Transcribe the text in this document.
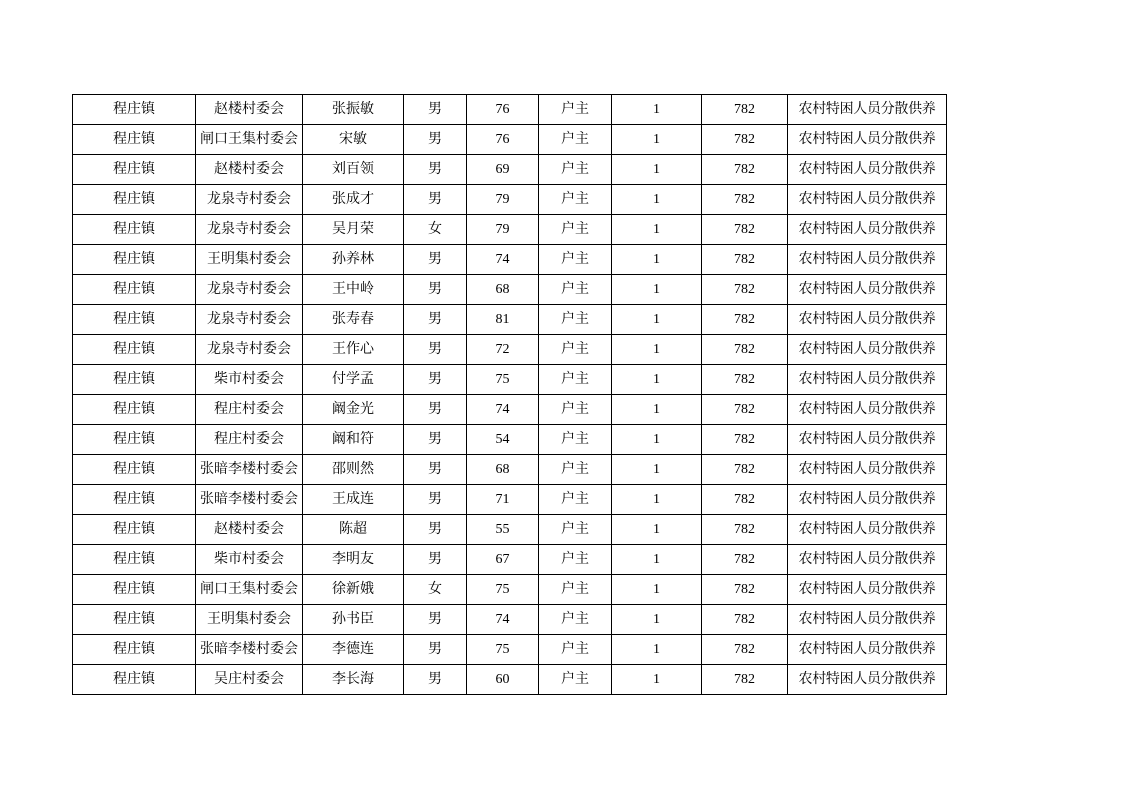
程庄镇	赵楼村委会	张振敏	男	76	户主	1	782	农村特困人员分散供养
程庄镇	闸口王集村委会	宋敏	男	76	户主	1	782	农村特困人员分散供养
程庄镇	赵楼村委会	刘百领	男	69	户主	1	782	农村特困人员分散供养
程庄镇	龙泉寺村委会	张成才	男	79	户主	1	782	农村特困人员分散供养
程庄镇	龙泉寺村委会	吴月荣	女	79	户主	1	782	农村特困人员分散供养
程庄镇	王明集村委会	孙养林	男	74	户主	1	782	农村特困人员分散供养
程庄镇	龙泉寺村委会	王中岭	男	68	户主	1	782	农村特困人员分散供养
程庄镇	龙泉寺村委会	张寿春	男	81	户主	1	782	农村特困人员分散供养
程庄镇	龙泉寺村委会	王作心	男	72	户主	1	782	农村特困人员分散供养
程庄镇	柴市村委会	付学孟	男	75	户主	1	782	农村特困人员分散供养
程庄镇	程庄村委会	阚金光	男	74	户主	1	782	农村特困人员分散供养
程庄镇	程庄村委会	阚和符	男	54	户主	1	782	农村特困人员分散供养
程庄镇	张暗李楼村委会	邵则然	男	68	户主	1	782	农村特困人员分散供养
程庄镇	张暗李楼村委会	王成连	男	71	户主	1	782	农村特困人员分散供养
程庄镇	赵楼村委会	陈超	男	55	户主	1	782	农村特困人员分散供养
程庄镇	柴市村委会	李明友	男	67	户主	1	782	农村特困人员分散供养
程庄镇	闸口王集村委会	徐新娥	女	75	户主	1	782	农村特困人员分散供养
程庄镇	王明集村委会	孙书臣	男	74	户主	1	782	农村特困人员分散供养
程庄镇	张暗李楼村委会	李德连	男	75	户主	1	782	农村特困人员分散供养
程庄镇	吴庄村委会	李长海	男	60	户主	1	782	农村特困人员分散供养
